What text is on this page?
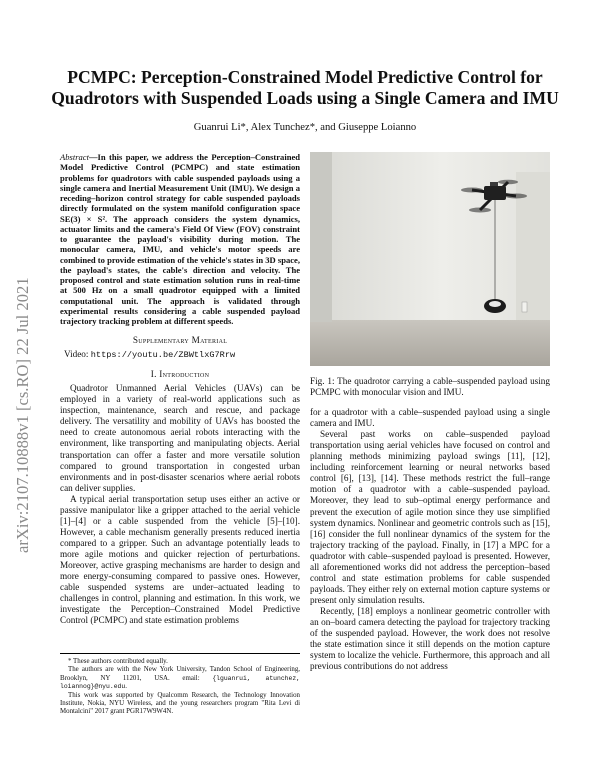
arXiv:2107.10888v1 [cs.RO] 22 Jul 2021
PCMPC: Perception-Constrained Model Predictive Control for
Quadrotors with Suspended Loads using a Single Camera and IMU
Guanrui Li*, Alex Tunchez*, and Giuseppe Loianno

Abstract—In this paper, we address the Perception–Constrained Model Predictive Control (PCMPC) and state estimation problems for quadrotors with cable suspended payloads using a single camera and Inertial Measurement Unit (IMU). We design a receding–horizon control strategy for cable suspended payloads directly formulated on the system manifold configuration space SE(3) × S². The approach considers the system dynamics, actuator limits and the camera's Field Of View (FOV) constraint to guarantee the payload's visibility during motion. The monocular camera, IMU, and vehicle's motor speeds are combined to provide estimation of the vehicle's states in 3D space, the payload's states, the cable's direction and velocity. The proposed control and state estimation solution runs in real-time at 500 Hz on a small quadrotor equipped with a limited computational unit. The approach is validated through experimental results considering a cable suspended payload trajectory tracking problem at different speeds.

Supplementary Material

Video: https://youtu.be/ZBWtlxG7Rrw

I. Introduction

Quadrotor Unmanned Aerial Vehicles (UAVs) can be employed in a variety of real-world applications such as inspection, maintenance, search and rescue, and package delivery. The versatility and mobility of UAVs has boosted the need to create autonomous aerial robots interacting with the environment, like transporting and manipulating objects. Aerial transportation can offer a faster and more versatile solution compared to ground transportation in congested urban environments and in post-disaster scenarios where aerial robots can deliver supplies.

A typical aerial transportation setup uses either an active or passive manipulator like a gripper attached to the aerial vehicle [1]–[4] or a cable suspended from the vehicle [5]–[10]. However, a cable mechanism generally presents reduced inertia compared to a gripper. Such an advantage potentially leads to more agile motions and quicker rejection of perturbations. Moreover, active grasping mechanisms are harder to design and more energy-consuming compared to passive ones. However, cable suspended systems are under–actuated leading to challenges in control, planning and estimation. In this work, we investigate the Perception–Constrained Model Predictive Control (PCMPC) and state estimation problems

* These authors contributed equally.

The authors are with the New York University, Tandon School of Engineering, Brooklyn, NY 11201, USA. email: {lguanrui, atunchez, loiannog}@nyu.edu.

This work was supported by Qualcomm Research, the Technology Innovation Institute, Nokia, NYU Wireless, and the young researchers program "Rita Levi di Montalcini" 2017 grant PGR17W9W4N.

Fig. 1: The quadrotor carrying a cable–suspended payload using PCMPC with monocular vision and IMU.

for a quadrotor with a cable–suspended payload using a single camera and IMU.

Several past works on cable–suspended payload transportation using aerial vehicles have focused on control and planning methods minimizing payload swings [11], [12], including reinforcement learning or neural networks based control [6], [13], [14]. These methods restrict the full–range motion of a quadrotor with a cable–suspended payload. Moreover, they lead to sub–optimal energy performance and prevent the execution of agile motion since they use simplified system dynamics. Nonlinear and geometric controls such as [15], [16] consider the full nonlinear dynamics of the system for the trajectory tracking of the payload. Finally, in [17] a MPC for a quadrotor with cable–suspended payload is presented. However, all aforementioned works did not address the perception–based control and state estimation problems for cable suspended payloads. They either rely on external motion capture systems or present only simulation results.

Recently, [18] employs a nonlinear geometric controller with an on–board camera detecting the payload for trajectory tracking of the suspended payload. However, the work does not resolve the state estimation since it still depends on the motion capture system to localize the vehicle. Furthermore, this approach and all previous contributions do not address
